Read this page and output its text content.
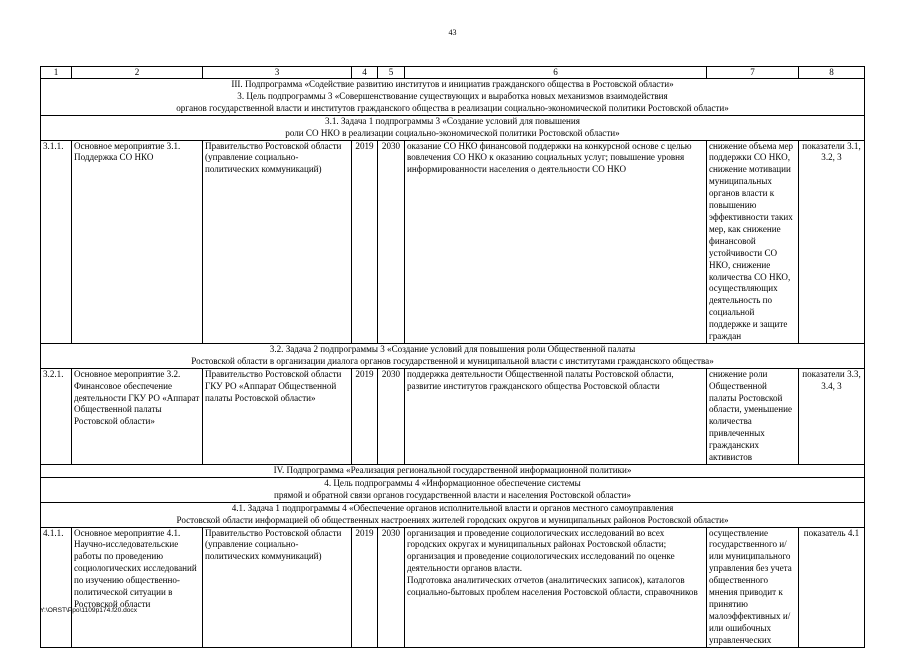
43
1	2	3	4	5	6	7	8

III. Подпрограмма «Содействие развитию институтов и инициатив гражданского общества в Ростовской области»
3. Цель подпрограммы 3 «Совершенствование существующих и выработка новых механизмов взаимодействия
органов государственной власти и институтов гражданского общества в реализации социально-экономической политики Ростовской области»							

3.1. Задача 1 подпрограммы 3 «Создание условий для повышения
роли СО НКО в реализации социально-экономической политики Ростовской области»							

3.1.1.	Основное мероприятие 3.1. Поддержка СО НКО	Правительство Ростовской области (управление социально-политических коммуникаций)	2019	2030	оказание СО НКО финансовой поддержки на конкурсной основе с целью вовлечения СО НКО к оказанию социальных услуг; повышение уровня информированности населения о деятельности СО НКО	снижение объема мер поддержки СО НКО, снижение мотивации муниципальных органов власти к повышению эффективности таких мер, как снижение финансовой устойчивости СО НКО, снижение количества СО НКО, осуществляющих деятельность по социальной поддержке и защите граждан	показатели 3.1, 3.2, 3

3.2. Задача 2 подпрограммы 3 «Создание условий для повышения роли Общественной палаты
Ростовской области в организации диалога органов государственной и муниципальной власти с институтами гражданского общества»							

3.2.1.	Основное мероприятие 3.2. Финансовое обеспечение деятельности ГКУ РО «Аппарат Общественной палаты Ростовской области»	Правительство Ростовской области ГКУ РО «Аппарат Общественной палаты Ростовской области»	2019	2030	поддержка деятельности Общественной палаты Ростовской области, развитие институтов гражданского общества Ростовской области	снижение роли Общественной палаты Ростовской области, уменьшение количества привлеченных гражданских активистов	показатели 3.3, 3.4, 3
IV. Подпрограмма «Реализация региональной государственной информационной политики»							

4. Цель подпрограммы 4 «Информационное обеспечение системы
прямой и обратной связи органов государственной власти и населения Ростовской области»							

4.1. Задача 1 подпрограммы 4 «Обеспечение органов исполнительной власти и органов местного самоуправления
Ростовской области информацией об общественных настроениях жителей городских округов и муниципальных районов Ростовской области»							

4.1.1.	Основное мероприятие 4.1. Научно-исследовательские работы по проведению социологических исследований по изучению общественно-политической ситуации в Ростовской области	Правительство Ростовской области (управление социально-политических коммуникаций)	2019	2030	организация и проведение социологических исследований во всех городских округах и муниципальных районах Ростовской области; организация и проведение социологических исследований по оценке деятельности органов власти.
Подготовка аналитических отчетов (аналитических записок), каталогов социально-бытовых проблем населения Ростовской области, справочников	осуществление государственного и/или муниципального управления без учета общественного мнения приводит к принятию малоэффективных и/или ошибочных управленческих	показатель 4.1
Y:\ORST\Ppo\1109p174.f20.docx
